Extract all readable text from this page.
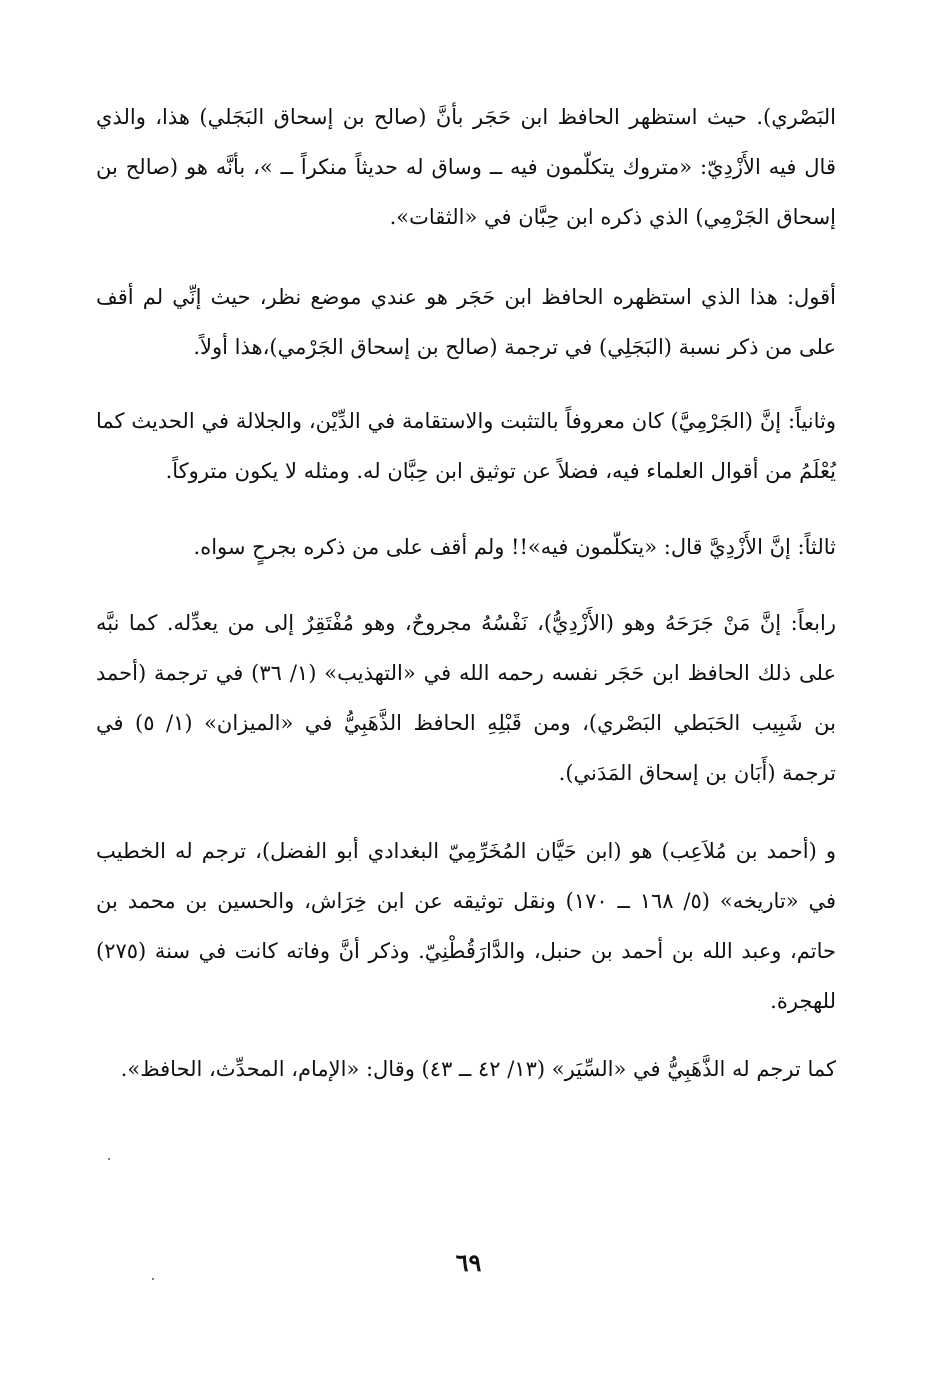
البَصْري). حيث استظهر الحافظ ابن حَجَر بأنَّ (صالح بن إسحاق البَجَلي) هذا، والذي قال فيه الأَزْدِيّ: «متروك يتكلّمون فيه ــ وساق له حديثاً منكراً ــ »، بأنَّه هو (صالح بن إسحاق الجَرْمِي) الذي ذكره ابن حِبَّان في «الثقات».

أقول: هذا الذي استظهره الحافظ ابن حَجَر هو عندي موضع نظر، حيث إنِّي لم أقف على من ذكر نسبة (البَجَلِي) في ترجمة (صالح بن إسحاق الجَرْمي)،هذا أولاً.

وثانياً: إنَّ (الجَرْمِيَّ) كان معروفاً بالتثبت والاستقامة في الدِّيْن، والجلالة في الحديث كما يُعْلَمُ من أقوال العلماء فيه، فضلاً عن توثيق ابن حِبَّان له. ومثله لا يكون متروكاً.

ثالثاً: إنَّ الأَزْدِيَّ قال: «يتكلّمون فيه»!! ولم أقف على من ذكره بجرحٍ سواه.

رابعاً: إنَّ مَنْ جَرَحَهُ وهو (الأَزْدِيُّ)، نَفْسُهُ مجروحٌ، وهو مُفْتَقِرٌ إلى من يعدِّله. كما نبَّه على ذلك الحافظ ابن حَجَر نفسه رحمه الله في «التهذيب» (١/ ٣٦) في ترجمة (أحمد بن شَبِيب الحَبَطي البَصْري)، ومن قَبْلِهِ الحافظ الذَّهَبِيُّ في «الميزان» (١/ ٥) في ترجمة (أَبَان بن إسحاق المَدَني).

و (أحمد بن مُلاَعِب) هو (ابن حَيَّان المُخَرِّمِيّ البغدادي أبو الفضل)، ترجم له الخطيب في «تاريخه» (٥/ ١٦٨ ــ ١٧٠) ونقل توثيقه عن ابن خِرَاش، والحسين بن محمد بن حاتم، وعبد الله بن أحمد بن حنبل، والدَّارَقُطْنِيّ. وذكر أنَّ وفاته كانت في سنة (٢٧٥) للهجرة.

كما ترجم له الذَّهَبِيُّ في «السِّيَر» (١٣/ ٤٢ ــ ٤٣) وقال: «الإمام، المحدِّث، الحافظ».

٦٩
